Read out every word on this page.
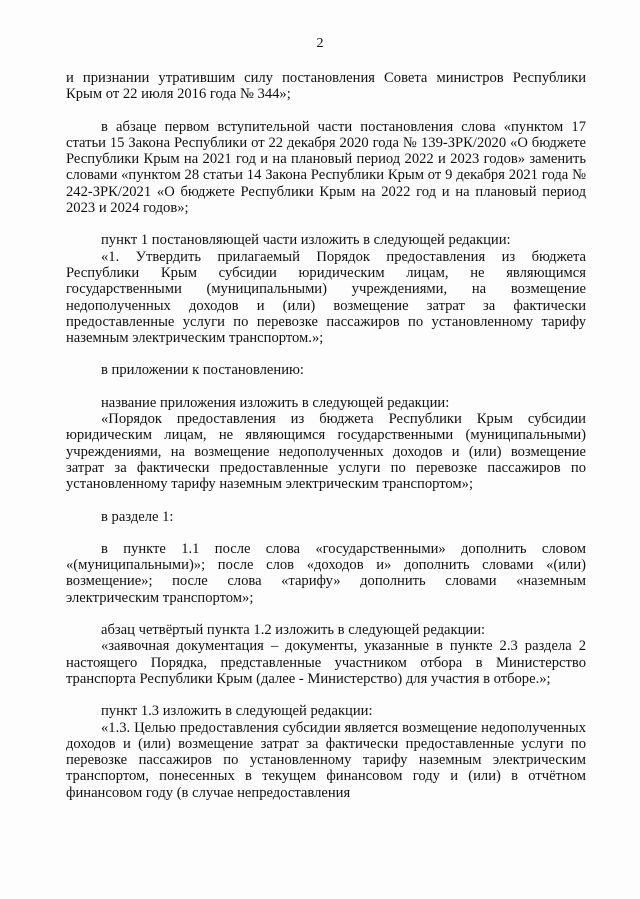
2

и признании утратившим силу постановления Совета министров Республики Крым от 22 июля 2016 года № 344»;

в абзаце первом вступительной части постановления слова «пунктом 17 статьи 15 Закона Республики от 22 декабря 2020 года № 139-ЗРК/2020 «О бюджете Республики Крым на 2021 год и на плановый период 2022 и 2023 годов» заменить словами «пунктом 28 статьи 14 Закона Республики Крым от 9 декабря 2021 года № 242-ЗРК/2021 «О бюджете Республики Крым на 2022 год и на плановый период 2023 и 2024 годов»;

пункт 1 постановляющей части изложить в следующей редакции:

«1. Утвердить прилагаемый Порядок предоставления из бюджета Республики Крым субсидии юридическим лицам, не являющимся государственными (муниципальными) учреждениями, на возмещение недополученных доходов и (или) возмещение затрат за фактически предоставленные услуги по перевозке пассажиров по установленному тарифу наземным электрическим транспортом.»;

в приложении к постановлению:

название приложения изложить в следующей редакции:

«Порядок предоставления из бюджета Республики Крым субсидии юридическим лицам, не являющимся государственными (муниципальными) учреждениями, на возмещение недополученных доходов и (или) возмещение затрат за фактически предоставленные услуги по перевозке пассажиров по установленному тарифу наземным электрическим транспортом»;

в разделе 1:

в пункте 1.1 после слова «государственными» дополнить словом «(муниципальными)»; после слов «доходов и» дополнить словами «(или) возмещение»; после слова «тарифу» дополнить словами «наземным электрическим транспортом»;

абзац четвёртый пункта 1.2 изложить в следующей редакции:

«заявочная документация – документы, указанные в пункте 2.3 раздела 2 настоящего Порядка, представленные участником отбора в Министерство транспорта Республики Крым (далее - Министерство) для участия в отборе.»;

пункт 1.3 изложить в следующей редакции:

«1.3. Целью предоставления субсидии является возмещение недополученных доходов и (или) возмещение затрат за фактически предоставленные услуги по перевозке пассажиров по установленному тарифу наземным электрическим транспортом, понесенных в текущем финансовом году и (или) в отчётном финансовом году (в случае непредоставления
